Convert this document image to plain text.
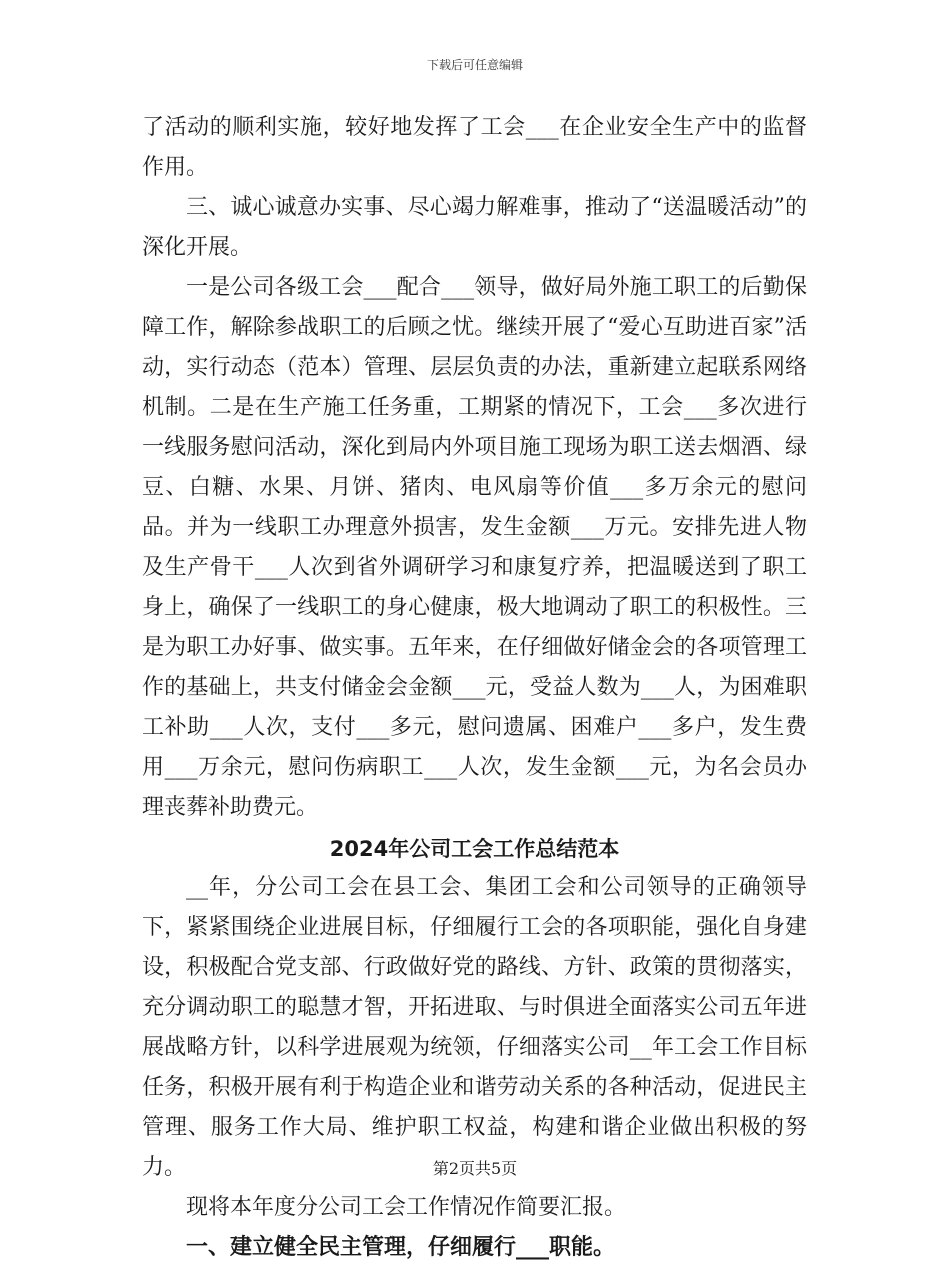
下载后可任意编辑

了活动的顺利实施，较好地发挥了工会___在企业安全生产中的监督作用。

三、诚心诚意办实事、尽心竭力解难事，推动了“送温暖活动”的深化开展。

一是公司各级工会___配合___领导，做好局外施工职工的后勤保障工作，解除参战职工的后顾之忧。继续开展了“爱心互助进百家”活动，实行动态（范本）管理、层层负责的办法，重新建立起联系网络机制。二是在生产施工任务重，工期紧的情况下，工会___多次进行一线服务慰问活动，深化到局内外项目施工现场为职工送去烟酒、绿豆、白糖、水果、月饼、猪肉、电风扇等价值___多万余元的慰问品。并为一线职工办理意外损害，发生金额___万元。安排先进人物及生产骨干___人次到省外调研学习和康复疗养，把温暖送到了职工身上，确保了一线职工的身心健康，极大地调动了职工的积极性。三是为职工办好事、做实事。五年来，在仔细做好储金会的各项管理工作的基础上，共支付储金会金额___元，受益人数为___人，为困难职工补助___人次，支付___多元，慰问遗属、困难户___多户，发生费用___万余元，慰问伤病职工___人次，发生金额___元，为名会员办理丧葬补助费元。

2024年公司工会工作总结范本

__年，分公司工会在县工会、集团工会和公司领导的正确领导下，紧紧围绕企业进展目标，仔细履行工会的各项职能，强化自身建设，积极配合党支部、行政做好党的路线、方针、政策的贯彻落实，充分调动职工的聪慧才智，开拓进取、与时俱进全面落实公司五年进展战略方针，以科学进展观为统领，仔细落实公司__年工会工作目标任务，积极开展有利于构造企业和谐劳动关系的各种活动，促进民主管理、服务工作大局、维护职工权益，构建和谐企业做出积极的努力。

现将本年度分公司工会工作情况作简要汇报。

一、建立健全民主管理，仔细履行___职能。

第2页共5页
